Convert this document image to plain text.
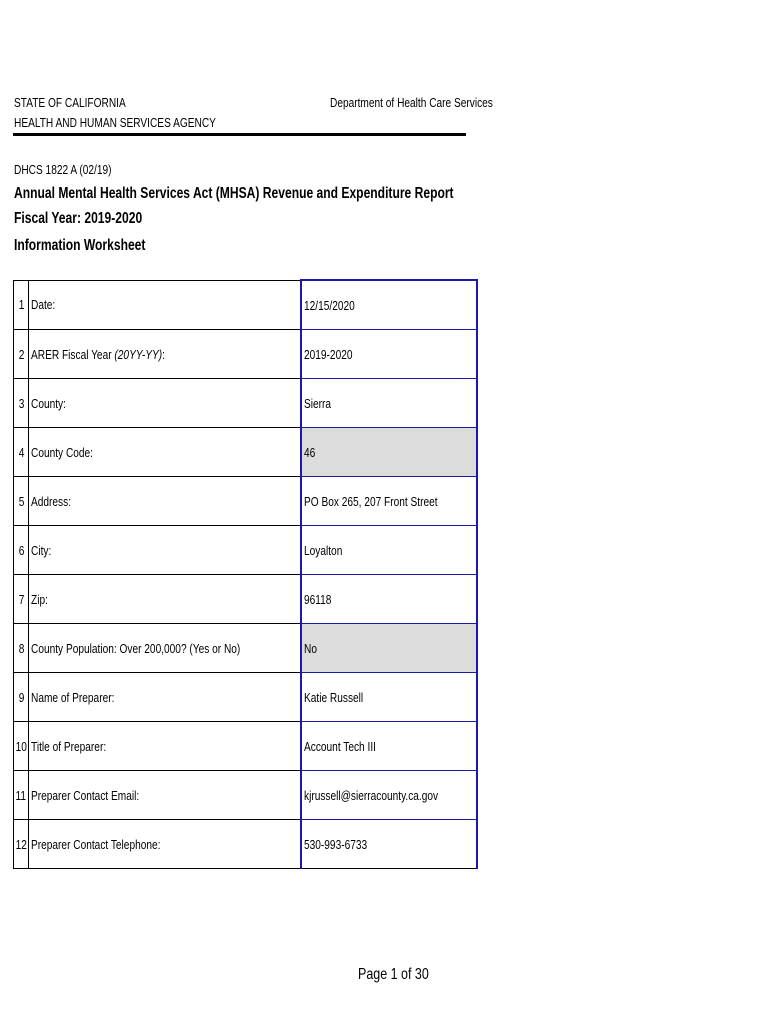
STATE OF CALIFORNIA
HEALTH AND HUMAN SERVICES AGENCY
Department of Health Care Services
DHCS 1822 A (02/19)
Annual Mental Health Services Act (MHSA) Revenue and Expenditure Report
Fiscal Year: 2019-2020
Information Worksheet
1	Date:	12/15/2020
2	ARER Fiscal Year (20YY-YY):	2019-2020
3	County:	Sierra
4	County Code:	46
5	Address:	PO Box 265, 207 Front Street
6	City:	Loyalton
7	Zip:	96118
8	County Population: Over 200,000? (Yes or No)	No
9	Name of Preparer:	Katie Russell
10	Title of Preparer:	Account Tech III
11	Preparer Contact Email:	kjrussell@sierracounty.ca.gov
12	Preparer Contact Telephone:	530-993-6733
Page 1 of 30
